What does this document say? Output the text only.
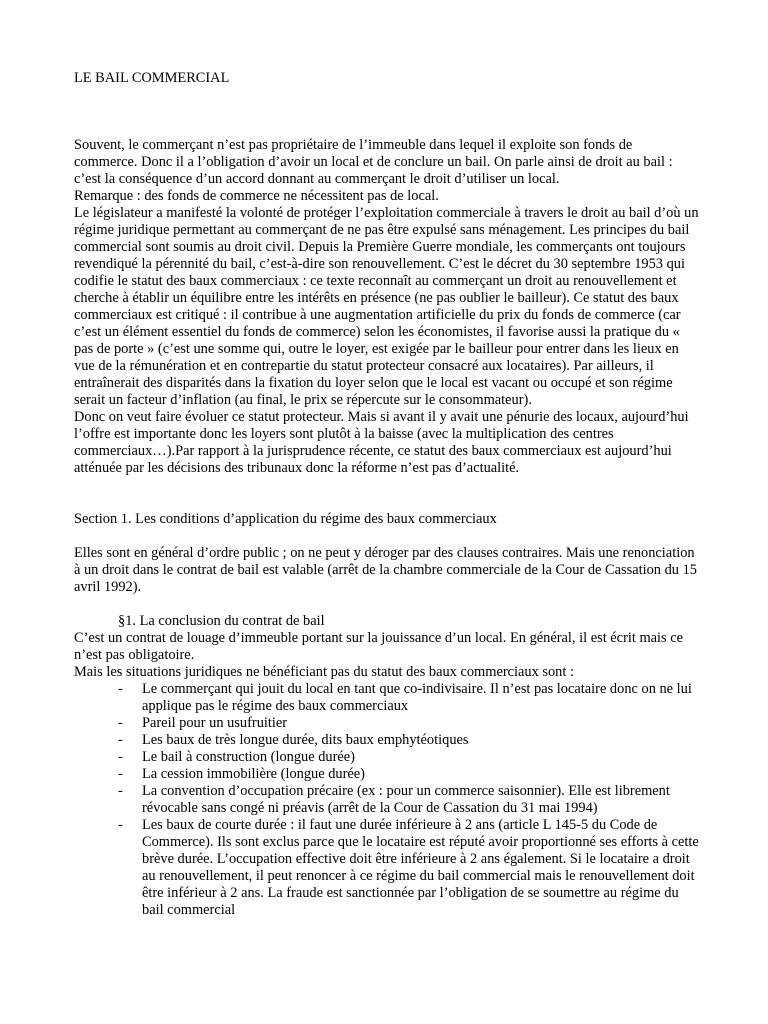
LE BAIL COMMERCIAL

Souvent, le commerçant n’est pas propriétaire de l’immeuble dans lequel il exploite son fonds de commerce. Donc il a l’obligation d’avoir un local et de conclure un bail. On parle ainsi de droit au bail : c’est la conséquence d’un accord donnant au commerçant le droit d’utiliser un local.

Remarque : des fonds de commerce ne nécessitent pas de local.

Le législateur a manifesté la volonté de protéger l’exploitation commerciale à travers le droit au bail d’où un régime juridique permettant au commerçant de ne pas être expulsé sans ménagement. Les principes du bail commercial sont soumis au droit civil. Depuis la Première Guerre mondiale, les commerçants ont toujours revendiqué la pérennité du bail, c’est-à-dire son renouvellement. C’est le décret du 30 septembre 1953 qui codifie le statut des baux commerciaux : ce texte reconnaît au commerçant un droit au renouvellement et cherche à établir un équilibre entre les intérêts en présence (ne pas oublier le bailleur). Ce statut des baux commerciaux est critiqué : il contribue à une augmentation artificielle du prix du fonds de commerce (car c’est un élément essentiel du fonds de commerce) selon les économistes, il favorise aussi la pratique du « pas de porte » (c’est une somme qui, outre le loyer, est exigée par le bailleur pour entrer dans les lieux en vue de la rémunération et en contrepartie du statut protecteur consacré aux locataires). Par ailleurs, il entraînerait des disparités dans la fixation du loyer selon que le local est vacant ou occupé et son régime serait un facteur d’inflation (au final, le prix se répercute sur le consommateur).

Donc on veut faire évoluer ce statut protecteur. Mais si avant il y avait une pénurie des locaux, aujourd’hui l’offre est importante donc les loyers sont plutôt à la baisse (avec la multiplication des centres commerciaux…).Par rapport à la jurisprudence récente, ce statut des baux commerciaux est aujourd’hui atténuée par les décisions des tribunaux donc la réforme n’est pas d’actualité.

Section 1. Les conditions d’application du régime des baux commerciaux

Elles sont en général d’ordre public ; on ne peut y déroger par des clauses contraires. Mais une renonciation à un droit dans le contrat de bail est valable (arrêt de la chambre commerciale de la Cour de Cassation du 15 avril 1992).

§1. La conclusion du contrat de bail

C’est un contrat de louage d’immeuble portant sur la jouissance d’un local. En général, il est écrit mais ce n’est pas obligatoire.

Mais les situations juridiques ne bénéficiant pas du statut des baux commerciaux sont :

- Le commerçant qui jouit du local en tant que co-indivisaire. Il n’est pas locataire donc on ne lui applique pas le régime des baux commerciaux
- Pareil pour un usufruitier
- Les baux de très longue durée, dits baux emphytéotiques
- Le bail à construction (longue durée)
- La cession immobilière (longue durée)
- La convention d’occupation précaire (ex : pour un commerce saisonnier). Elle est librement révocable sans congé ni préavis (arrêt de la Cour de Cassation du 31 mai 1994)
- Les baux de courte durée : il faut une durée inférieure à 2 ans (article L 145-5 du Code de Commerce). Ils sont exclus parce que le locataire est réputé avoir proportionné ses efforts à cette brève durée. L’occupation effective doit être inférieure à 2 ans également. Si le locataire a droit au renouvellement, il peut renoncer à ce régime du bail commercial mais le renouvellement doit être inférieur à 2 ans. La fraude est sanctionnée par l’obligation de se soumettre au régime du bail commercial
